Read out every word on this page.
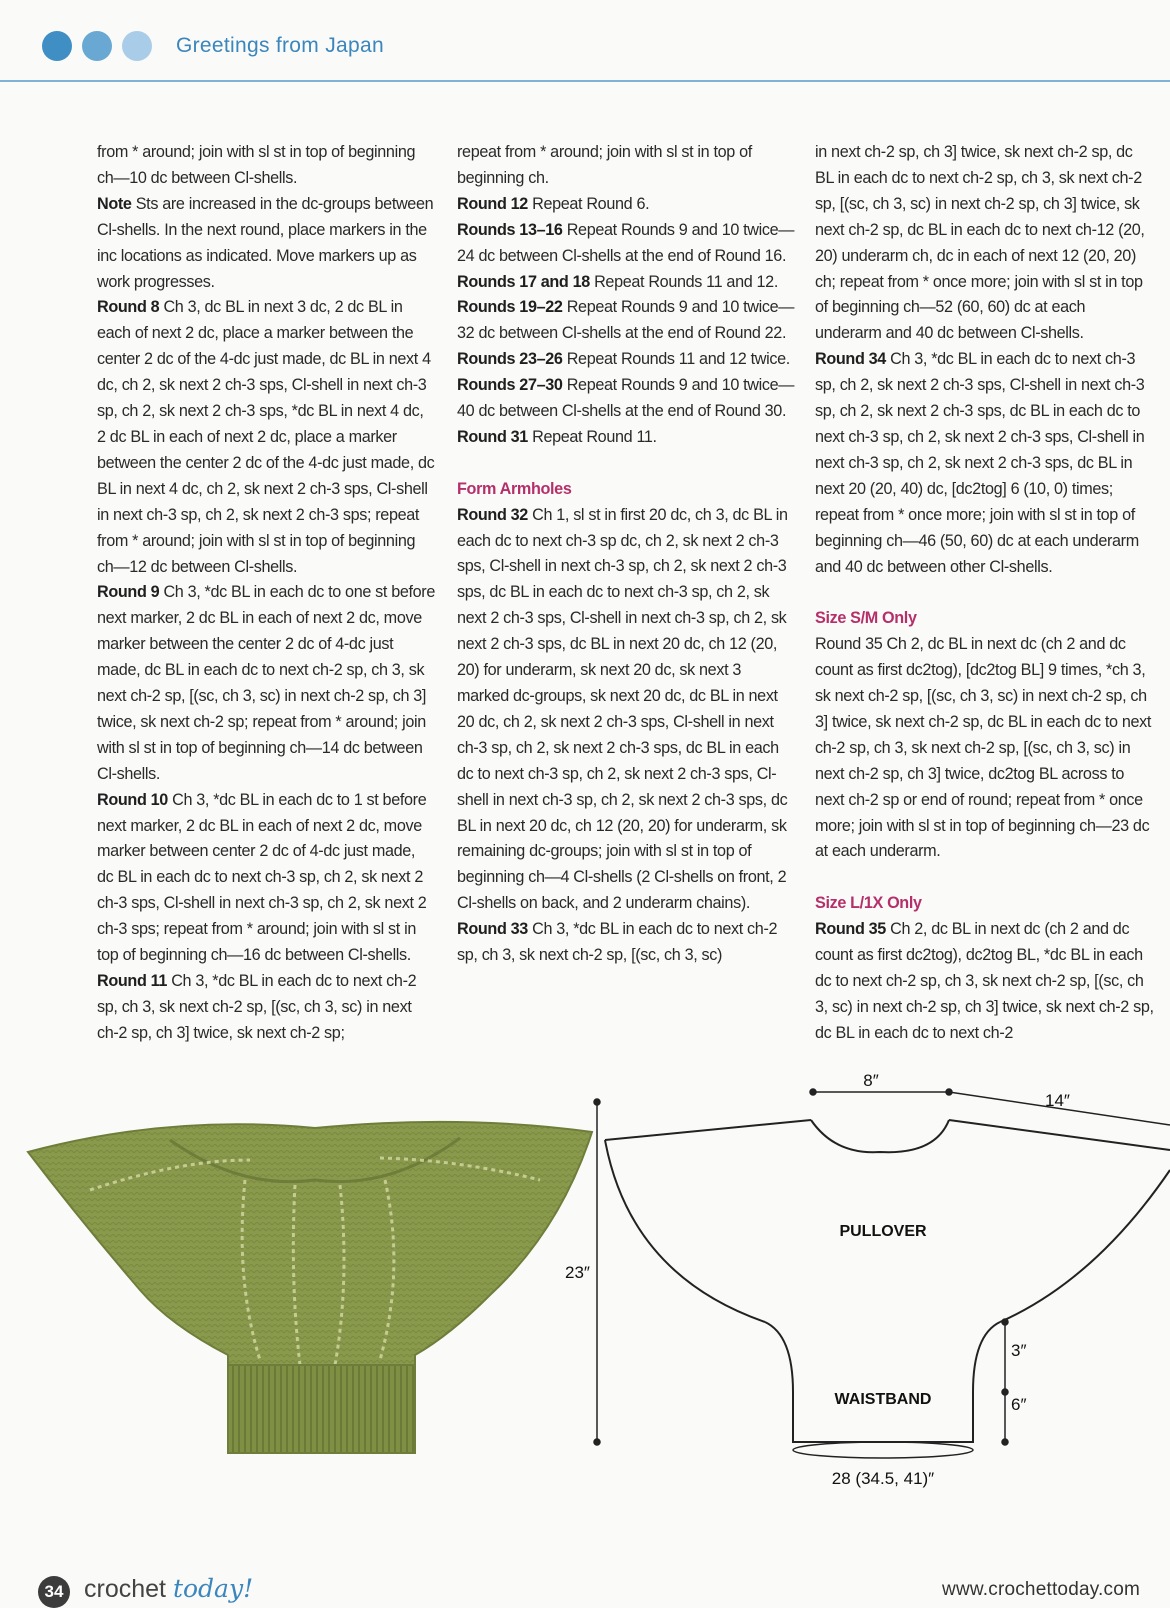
Greetings from Japan

from * around; join with sl st in top of beginning ch—10 dc between Cl-shells.

Note Sts are increased in the dc-groups between Cl-shells. In the next round, place markers in the inc locations as indicated. Move markers up as work progresses.

Round 8 Ch 3, dc BL in next 3 dc, 2 dc BL in each of next 2 dc, place a marker between the center 2 dc of the 4-dc just made, dc BL in next 4 dc, ch 2, sk next 2 ch-3 sps, Cl-shell in next ch-3 sp, ch 2, sk next 2 ch-3 sps, *dc BL in next 4 dc, 2 dc BL in each of next 2 dc, place a marker between the center 2 dc of the 4-dc just made, dc BL in next 4 dc, ch 2, sk next 2 ch-3 sps, Cl-shell in next ch-3 sp, ch 2, sk next 2 ch-3 sps; repeat from * around; join with sl st in top of beginning ch—12 dc between Cl-shells.

Round 9 Ch 3, *dc BL in each dc to one st before next marker, 2 dc BL in each of next 2 dc, move marker between the center 2 dc of 4-dc just made, dc BL in each dc to next ch-2 sp, ch 3, sk next ch-2 sp, [(sc, ch 3, sc) in next ch-2 sp, ch 3] twice, sk next ch-2 sp; repeat from * around; join with sl st in top of beginning ch—14 dc between Cl-shells.

Round 10 Ch 3, *dc BL in each dc to 1 st before next marker, 2 dc BL in each of next 2 dc, move marker between center 2 dc of 4-dc just made, dc BL in each dc to next ch-3 sp, ch 2, sk next 2 ch-3 sps, Cl-shell in next ch-3 sp, ch 2, sk next 2 ch-3 sps; repeat from * around; join with sl st in top of beginning ch—16 dc between Cl-shells.

Round 11 Ch 3, *dc BL in each dc to next ch-2 sp, ch 3, sk next ch-2 sp, [(sc, ch 3, sc) in next ch-2 sp, ch 3] twice, sk next ch-2 sp;

repeat from * around; join with sl st in top of beginning ch.

Round 12 Repeat Round 6.

Rounds 13–16 Repeat Rounds 9 and 10 twice—24 dc between Cl-shells at the end of Round 16.

Rounds 17 and 18 Repeat Rounds 11 and 12.

Rounds 19–22 Repeat Rounds 9 and 10 twice—32 dc between Cl-shells at the end of Round 22.

Rounds 23–26 Repeat Rounds 11 and 12 twice.

Rounds 27–30 Repeat Rounds 9 and 10 twice—40 dc between Cl-shells at the end of Round 30.

Round 31 Repeat Round 11.

Form Armholes

Round 32 Ch 1, sl st in first 20 dc, ch 3, dc BL in each dc to next ch-3 sp dc, ch 2, sk next 2 ch-3 sps, Cl-shell in next ch-3 sp, ch 2, sk next 2 ch-3 sps, dc BL in each dc to next ch-3 sp, ch 2, sk next 2 ch-3 sps, Cl-shell in next ch-3 sp, ch 2, sk next 2 ch-3 sps, dc BL in next 20 dc, ch 12 (20, 20) for underarm, sk next 20 dc, sk next 3 marked dc-groups, sk next 20 dc, dc BL in next 20 dc, ch 2, sk next 2 ch-3 sps, Cl-shell in next ch-3 sp, ch 2, sk next 2 ch-3 sps, dc BL in each dc to next ch-3 sp, ch 2, sk next 2 ch-3 sps, Cl-shell in next ch-3 sp, ch 2, sk next 2 ch-3 sps, dc BL in next 20 dc, ch 12 (20, 20) for underarm, sk remaining dc-groups; join with sl st in top of beginning ch—4 Cl-shells (2 Cl-shells on front, 2 Cl-shells on back, and 2 underarm chains).

Round 33 Ch 3, *dc BL in each dc to next ch-2 sp, ch 3, sk next ch-2 sp, [(sc, ch 3, sc)

in next ch-2 sp, ch 3] twice, sk next ch-2 sp, dc BL in each dc to next ch-2 sp, ch 3, sk next ch-2 sp, [(sc, ch 3, sc) in next ch-2 sp, ch 3] twice, sk next ch-2 sp, dc BL in each dc to next ch-12 (20, 20) underarm ch, dc in each of next 12 (20, 20) ch; repeat from * once more; join with sl st in top of beginning ch—52 (60, 60) dc at each underarm and 40 dc between Cl-shells.

Round 34 Ch 3, *dc BL in each dc to next ch-3 sp, ch 2, sk next 2 ch-3 sps, Cl-shell in next ch-3 sp, ch 2, sk next 2 ch-3 sps, dc BL in each dc to next ch-3 sp, ch 2, sk next 2 ch-3 sps, Cl-shell in next ch-3 sp, ch 2, sk next 2 ch-3 sps, dc BL in next 20 (20, 40) dc, [dc2tog] 6 (10, 0) times; repeat from * once more; join with sl st in top of beginning ch—46 (50, 60) dc at each underarm and 40 dc between other Cl-shells.

Size S/M Only

Round 35 Ch 2, dc BL in next dc (ch 2 and dc count as first dc2tog), [dc2tog BL] 9 times, *ch 3, sk next ch-2 sp, [(sc, ch 3, sc) in next ch-2 sp, ch 3] twice, sk next ch-2 sp, dc BL in each dc to next ch-2 sp, ch 3, sk next ch-2 sp, [(sc, ch 3, sc) in next ch-2 sp, ch 3] twice, dc2tog BL across to next ch-2 sp or end of round; repeat from * once more; join with sl st in top of beginning ch—23 dc at each underarm.

Size L/1X Only

Round 35 Ch 2, dc BL in next dc (ch 2 and dc count as first dc2tog), dc2tog BL, *dc BL in each dc to next ch-2 sp, ch 3, sk next ch-2 sp, [(sc, ch 3, sc) in next ch-2 sp, ch 3] twice, sk next ch-2 sp, dc BL in each dc to next ch-2

8″
14″
23″
PULLOVER
WAISTBAND
3″
6″
28 (34.5, 41)″
34 crochet today!	www.crochettoday.com
